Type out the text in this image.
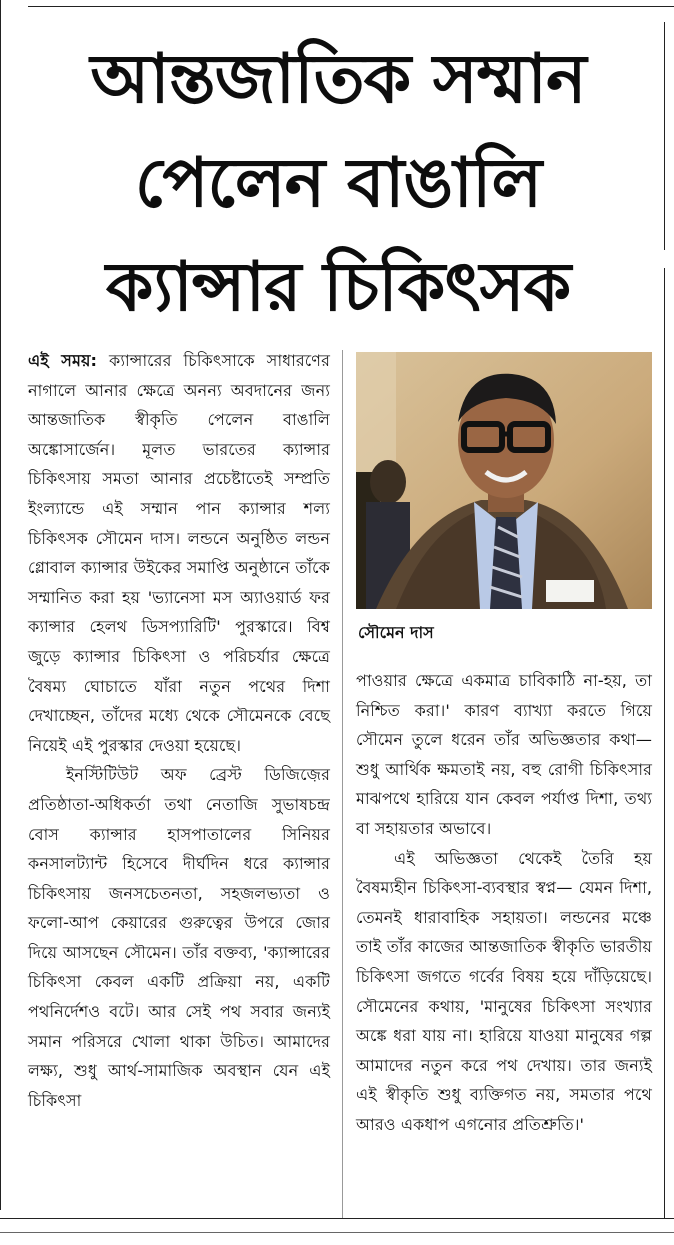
আন্তজাতিক সম্মান
পেলেন বাঙালি
ক্যান্সার চিকিৎসক

এই সময়: ক্যান্সারের চিকিৎসাকে সাধারণের নাগালে আনার ক্ষেত্রে অনন্য অবদানের জন্য আন্তজাতিক স্বীকৃতি পেলেন বাঙালি অঙ্কোসার্জেন। মূলত ভারতের ক্যান্সার চিকিৎসায় সমতা আনার প্রচেষ্টাতেই সম্প্রতি ইংল্যান্ডে এই সম্মান পান ক্যান্সার শল্য চিকিৎসক সৌমেন দাস। লন্ডনে অনুষ্ঠিত লন্ডন গ্লোবাল ক্যান্সার উইকের সমাপ্তি অনুষ্ঠানে তাঁকে সম্মানিত করা হয় 'ভ্যানেসা মস অ্যাওয়ার্ড ফর ক্যান্সার হেলথ ডিসপ্যারিটি' পুরস্কারে। বিশ্ব জুড়ে ক্যান্সার চিকিৎসা ও পরিচর্যার ক্ষেত্রে বৈষম্য ঘোচাতে যাঁরা নতুন পথের দিশা দেখাচ্ছেন, তাঁদের মধ্যে থেকে সৌমেনকে বেছে নিয়েই এই পুরস্কার দেওয়া হয়েছে।

ইনস্টিটিউট অফ ব্রেস্ট ডিজিজ়ের প্রতিষ্ঠাতা-অধিকর্তা তথা নেতাজি সুভাষচন্দ্র বোস ক্যান্সার হাসপাতালের সিনিয়র কনসালট্যান্ট হিসেবে দীর্ঘদিন ধরে ক্যান্সার চিকিৎসায় জনসচেতনতা, সহজলভ্যতা ও ফলো-আপ কেয়ারের গুরুত্বের উপরে জোর দিয়ে আসছেন সৌমেন। তাঁর বক্তব্য, 'ক্যান্সারের চিকিৎসা কেবল একটি প্রক্রিয়া নয়, একটি পথনির্দেশও বটে। আর সেই পথ সবার জন্যই সমান পরিসরে খোলা থাকা উচিত। আমাদের লক্ষ্য, শুধু আর্থ-সামাজিক অবস্থান যেন এই চিকিৎসা

সৌমেন দাস

পাওয়ার ক্ষেত্রে একমাত্র চাবিকাঠি না-হয়, তা নিশ্চিত করা।' কারণ ব্যাখ্যা করতে গিয়ে সৌমেন তুলে ধরেন তাঁর অভিজ্ঞতার কথা— শুধু আর্থিক ক্ষমতাই নয়, বহু রোগী চিকিৎসার মাঝপথে হারিয়ে যান কেবল পর্যাপ্ত দিশা, তথ্য বা সহায়তার অভাবে।

এই অভিজ্ঞতা থেকেই তৈরি হয় বৈষম্যহীন চিকিৎসা-ব্যবস্থার স্বপ্ন— যেমন দিশা, তেমনই ধারাবাহিক সহায়তা। লন্ডনের মঞ্চে তাই তাঁর কাজের আন্তজাতিক স্বীকৃতি ভারতীয় চিকিৎসা জগতে গর্বের বিষয় হয়ে দাঁড়িয়েছে। সৌমেনের কথায়, 'মানুষের চিকিৎসা সংখ্যার অঙ্কে ধরা যায় না। হারিয়ে যাওয়া মানুষের গল্প আমাদের নতুন করে পথ দেখায়। তার জন্যই এই স্বীকৃতি শুধু ব্যক্তিগত নয়, সমতার পথে আরও একধাপ এগনোর প্রতিশ্রুতি।'
